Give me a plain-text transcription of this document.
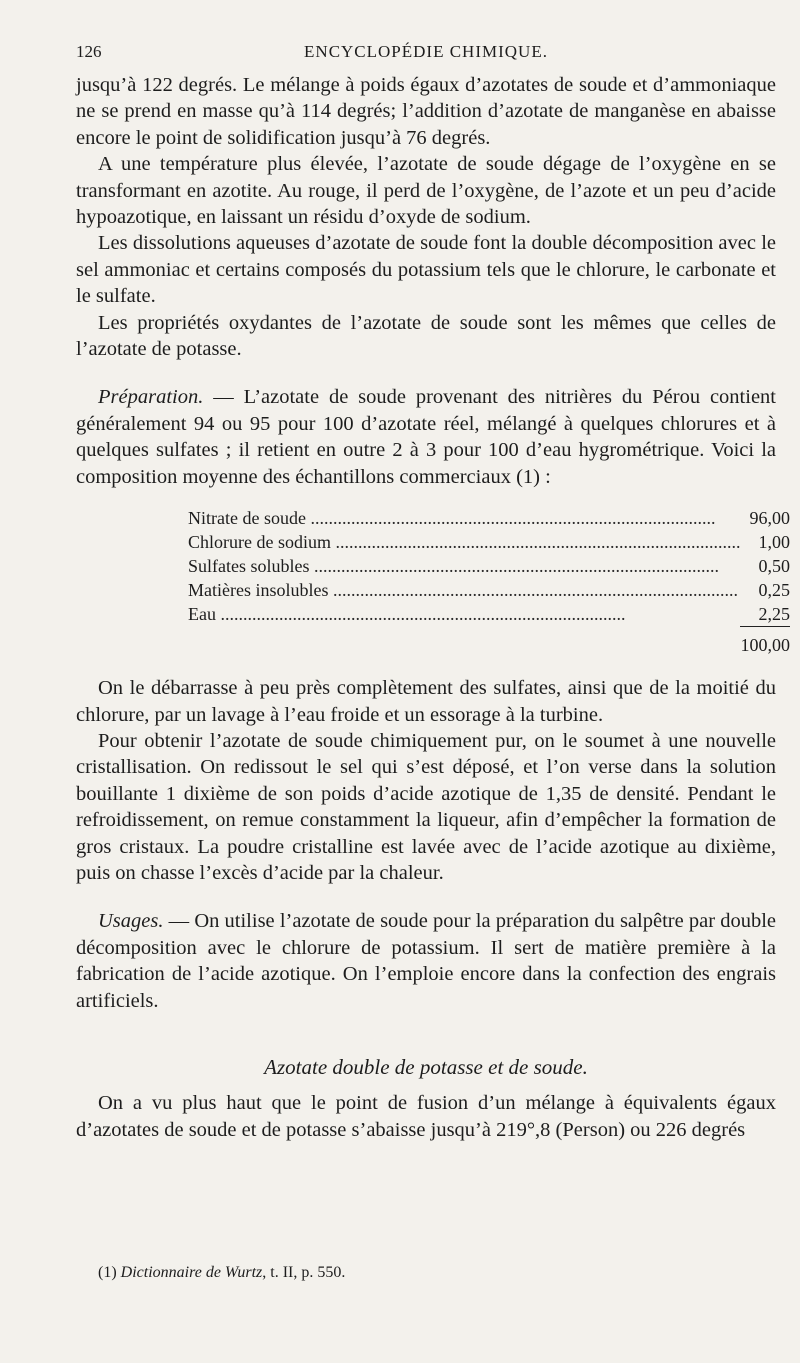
126	ENCYCLOPÉDIE CHIMIQUE.

jusqu’à 122 degrés. Le mélange à poids égaux d’azotates de soude et d’ammoniaque ne se prend en masse qu’à 114 degrés; l’addition d’azotate de manganèse en abaisse encore le point de solidification jusqu’à 76 degrés.

A une température plus élevée, l’azotate de soude dégage de l’oxygène en se transformant en azotite. Au rouge, il perd de l’oxygène, de l’azote et un peu d’acide hypoazotique, en laissant un résidu d’oxyde de sodium.

Les dissolutions aqueuses d’azotate de soude font la double décomposition avec le sel ammoniac et certains composés du potassium tels que le chlorure, le carbonate et le sulfate.

Les propriétés oxydantes de l’azotate de soude sont les mêmes que celles de l’azotate de potasse.

Préparation. — L’azotate de soude provenant des nitrières du Pérou contient généralement 94 ou 95 pour 100 d’azotate réel, mélangé à quelques chlorures et à quelques sulfates ; il retient en outre 2 à 3 pour 100 d’eau hygrométrique. Voici la composition moyenne des échantillons commerciaux (1) :

Nitrate de soude ..........................................................................................	96,00
Chlorure de sodium ..........................................................................................	1,00
Sulfates solubles ..........................................................................................	0,50
Matières insolubles ..........................................................................................	0,25
Eau ..........................................................................................	2,25
	100,00

On le débarrasse à peu près complètement des sulfates, ainsi que de la moitié du chlorure, par un lavage à l’eau froide et un essorage à la turbine.

Pour obtenir l’azotate de soude chimiquement pur, on le soumet à une nouvelle cristallisation. On redissout le sel qui s’est déposé, et l’on verse dans la solution bouillante 1 dixième de son poids d’acide azotique de 1,35 de densité. Pendant le refroidissement, on remue constamment la liqueur, afin d’empêcher la formation de gros cristaux. La poudre cristalline est lavée avec de l’acide azotique au dixième, puis on chasse l’excès d’acide par la chaleur.

Usages. — On utilise l’azotate de soude pour la préparation du salpêtre par double décomposition avec le chlorure de potassium. Il sert de matière première à la fabrication de l’acide azotique. On l’emploie encore dans la confection des engrais artificiels.

Azotate double de potasse et de soude.

On a vu plus haut que le point de fusion d’un mélange à équivalents égaux d’azotates de soude et de potasse s’abaisse jusqu’à 219°,8 (Person) ou 226 degrés

(1) Dictionnaire de Wurtz, t. II, p. 550.
